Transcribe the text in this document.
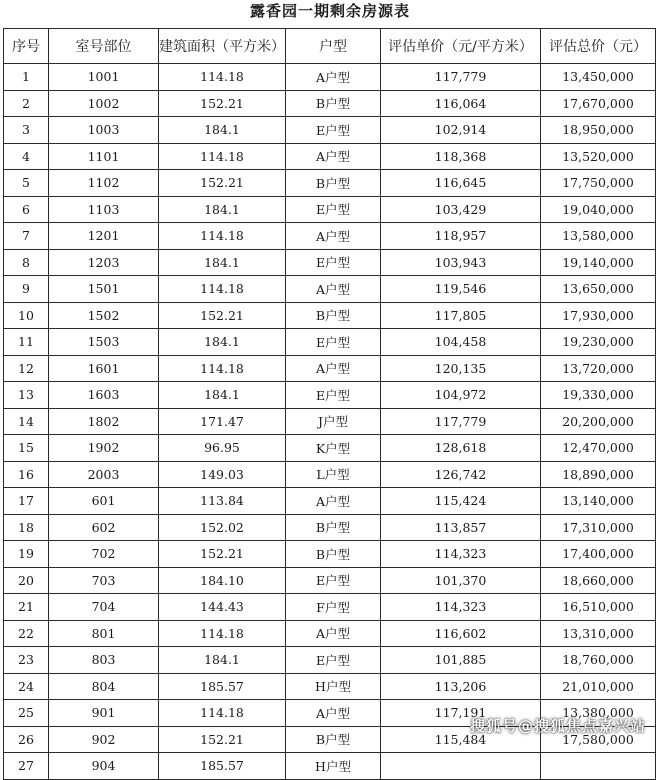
露香园一期剩余房源表
序号	室号部位	建筑面积（平方米）	户型	评估单价（元/平方米）	评估总价（元）
1	1001	114.18	A户型	117,779	13,450,000
2	1002	152.21	B户型	116,064	17,670,000
3	1003	184.1	E户型	102,914	18,950,000
4	1101	114.18	A户型	118,368	13,520,000
5	1102	152.21	B户型	116,645	17,750,000
6	1103	184.1	E户型	103,429	19,040,000
7	1201	114.18	A户型	118,957	13,580,000
8	1203	184.1	E户型	103,943	19,140,000
9	1501	114.18	A户型	119,546	13,650,000
10	1502	152.21	B户型	117,805	17,930,000
11	1503	184.1	E户型	104,458	19,230,000
12	1601	114.18	A户型	120,135	13,720,000
13	1603	184.1	E户型	104,972	19,330,000
14	1802	171.47	J户型	117,779	20,200,000
15	1902	96.95	K户型	128,618	12,470,000
16	2003	149.03	L户型	126,742	18,890,000
17	601	113.84	A户型	115,424	13,140,000
18	602	152.02	B户型	113,857	17,310,000
19	702	152.21	B户型	114,323	17,400,000
20	703	184.10	E户型	101,370	18,660,000
21	704	144.43	F户型	114,323	16,510,000
22	801	114.18	A户型	116,602	13,310,000
23	803	184.1	E户型	101,885	18,760,000
24	804	185.57	H户型	113,206	21,010,000
25	901	114.18	A户型	117,191	13,380,000
26	902	152.21	B户型	115,484	17,580,000
27	904	185.57	H户型		
搜狐号@搜狐焦点嘉兴站
